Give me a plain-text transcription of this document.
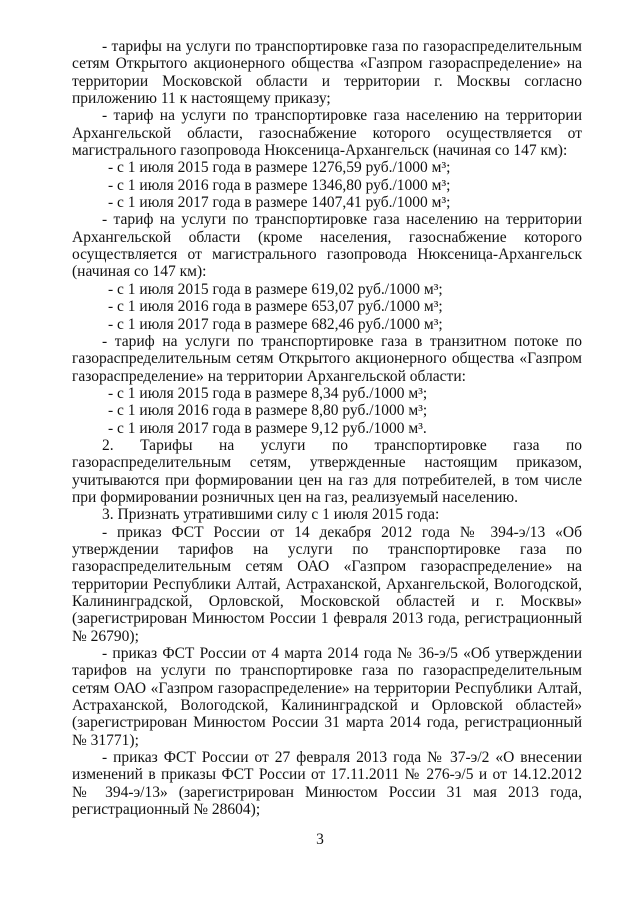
- тарифы на услуги по транспортировке газа по газораспределительным сетям Открытого акционерного общества «Газпром газораспределение» на территории Московской области и территории г. Москвы согласно приложению 11 к настоящему приказу;

- тариф на услуги по транспортировке газа населению на территории Архангельской области, газоснабжение которого осуществляется от магистрального газопровода Нюксеница-Архангельск (начиная со 147 км):

- с 1 июля 2015 года в размере 1276,59 руб./1000 м³;

- с 1 июля 2016 года в размере 1346,80 руб./1000 м³;

- с 1 июля 2017 года в размере 1407,41 руб./1000 м³;

- тариф на услуги по транспортировке газа населению на территории Архангельской области (кроме населения, газоснабжение которого осуществляется от магистрального газопровода Нюксеница-Архангельск (начиная со 147 км):

- с 1 июля 2015 года в размере 619,02 руб./1000 м³;

- с 1 июля 2016 года в размере 653,07 руб./1000 м³;

- с 1 июля 2017 года в размере 682,46 руб./1000 м³;

- тариф на услуги по транспортировке газа в транзитном потоке по газораспределительным сетям Открытого акционерного общества «Газпром газораспределение» на территории Архангельской области:

- с 1 июля 2015 года в размере 8,34 руб./1000 м³;

- с 1 июля 2016 года в размере 8,80 руб./1000 м³;

- с 1 июля 2017 года в размере 9,12 руб./1000 м³.

2. Тарифы на услуги по транспортировке газа по газораспределительным сетям, утвержденные настоящим приказом, учитываются при формировании цен на газ для потребителей, в том числе при формировании розничных цен на газ, реализуемый населению.

3. Признать утратившими силу с 1 июля 2015 года:

- приказ ФСТ России от 14 декабря 2012 года № 394-э/13 «Об утверждении тарифов на услуги по транспортировке газа по газораспределительным сетям ОАО «Газпром газораспределение» на территории Республики Алтай, Астраханской, Архангельской, Вологодской, Калининградской, Орловской, Московской областей и г. Москвы» (зарегистрирован Минюстом России 1 февраля 2013 года, регистрационный № 26790);

- приказ ФСТ России от 4 марта 2014 года № 36-э/5 «Об утверждении тарифов на услуги по транспортировке газа по газораспределительным сетям ОАО «Газпром газораспределение» на территории Республики Алтай, Астраханской, Вологодской, Калининградской и Орловской областей» (зарегистрирован Минюстом России 31 марта 2014 года, регистрационный № 31771);

- приказ ФСТ России от 27 февраля 2013 года № 37-э/2 «О внесении изменений в приказы ФСТ России от 17.11.2011 № 276-э/5 и от 14.12.2012 № 394-э/13» (зарегистрирован Минюстом России 31 мая 2013 года, регистрационный № 28604);

3
